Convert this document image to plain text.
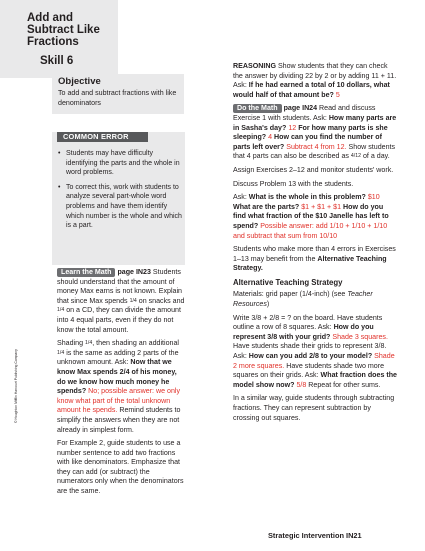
Add and
Subtract Like
Fractions
Skill 6
Objective
To add and subtract fractions with like denominators
COMMON ERROR
• Students may have difficulty identifying the parts and the whole in word problems.
• To correct this, work with students to analyze several part-whole word problems and have them identify which number is the whole and which is a part.

Learn the Math page IN23 Students should understand that the amount of money Max earns is not known. Explain that since Max spends 1/4 on snacks and 1/4 on a CD, they can divide the amount into 4 equal parts, even if they do not know the total amount.

Shading 1/4, then shading an additional 1/4 is the same as adding 2 parts of the unknown amount. Ask: Now that we know Max spends 2/4 of his money, do we know how much money he spends? No; possible answer: we only know what part of the total unknown amount he spends. Remind students to simplify the answers when they are not already in simplest form.

For Example 2, guide students to use a number sentence to add two fractions with like denominators. Emphasize that they can add (or subtract) the numerators only when the denominators are the same.

REASONING Show students that they can check the answer by dividing 22 by 2 or by adding 11 + 11. Ask: If he had earned a total of 10 dollars, what would half of that amount be? 5

Do the Math page IN24 Read and discuss Exercise 1 with students. Ask: How many parts are in Sasha's day? 12 For how many parts is she sleeping? 4 How can you find the number of parts left over? Subtract 4 from 12. Show students that 4 parts can also be described as 4/12 of a day.

Assign Exercises 2–12 and monitor students' work.

Discuss Problem 13 with the students.

Ask: What is the whole in this problem? $10 What are the parts? $1 + $1 + $1 How do you find what fraction of the $10 Janelle has left to spend? Possible answer: add 1/10 + 1/10 + 1/10 and subtract that sum from 10/10

Students who make more than 4 errors in Exercises 1–13 may benefit from the Alternative Teaching Strategy.

Alternative Teaching Strategy

Materials: grid paper (1/4-inch) (see Teacher Resources)

Write 3/8 + 2/8 = ? on the board. Have students outline a row of 8 squares. Ask: How do you represent 3/8 with your grid? Shade 3 squares. Have students shade their grids to represent 3/8. Ask: How can you add 2/8 to your model? Shade 2 more squares. Have students shade two more squares on their grids. Ask: What fraction does the model show now? 5/8 Repeat for other sums.

In a similar way, guide students through subtracting fractions. They can represent subtraction by crossing out squares.

© Houghton Mifflin Harcourt Publishing Company
Strategic Intervention IN21
